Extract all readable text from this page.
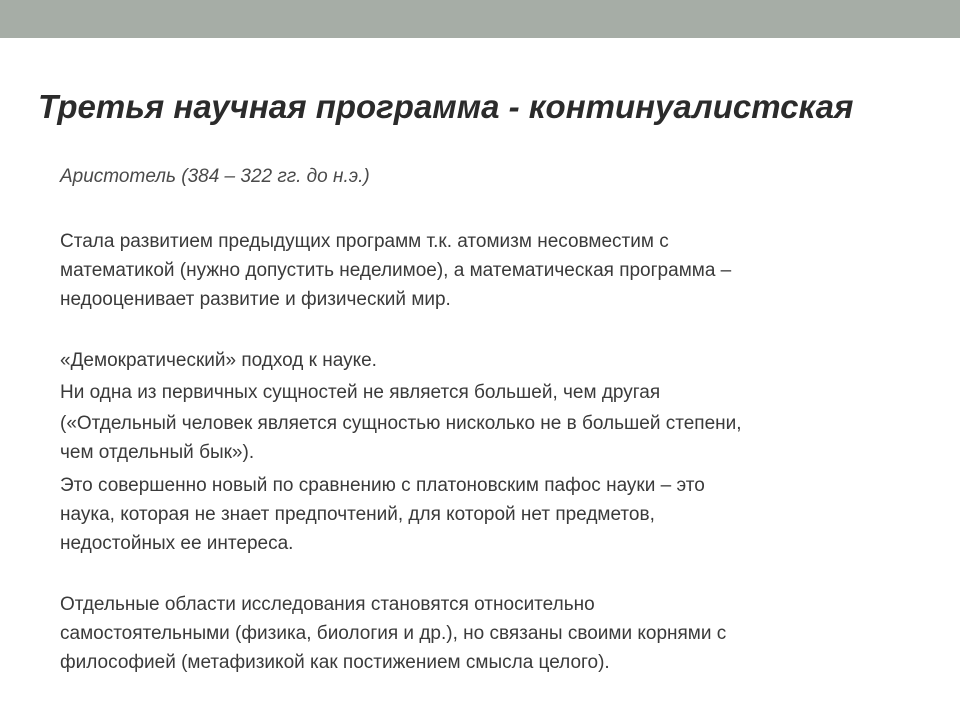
Третья научная программа - континуалистская

Аристотель (384 – 322 гг. до н.э.)

Стала развитием предыдущих программ т.к. атомизм несовместим с
математикой (нужно допустить неделимое), а математическая программа –
недооценивает развитие и физический мир.

«Демократический» подход к науке.

Ни одна из первичных сущностей не является большей, чем другая

(«Отдельный человек является сущностью нисколько не в большей степени,
чем отдельный бык»).

Это совершенно новый по сравнению с платоновским пафос науки – это
наука, которая не знает предпочтений, для которой нет предметов,
недостойных ее интереса.

Отдельные области исследования становятся относительно
самостоятельными (физика, биология и др.), но связаны своими корнями с
философией (метафизикой как постижением смысла целого).
